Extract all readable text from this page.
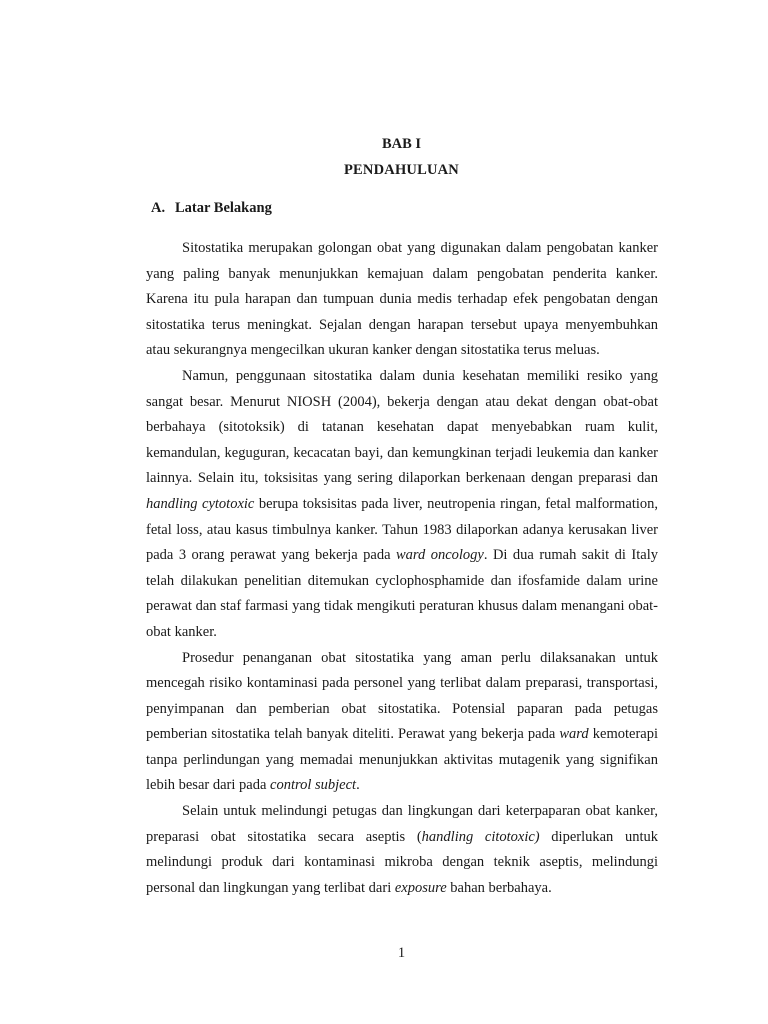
BAB I
PENDAHULUAN
A. Latar Belakang

Sitostatika merupakan golongan obat yang digunakan dalam pengobatan kanker yang paling banyak menunjukkan kemajuan dalam pengobatan penderita kanker. Karena itu pula harapan dan tumpuan dunia medis terhadap efek pengobatan dengan sitostatika terus meningkat. Sejalan dengan harapan tersebut upaya menyembuhkan atau sekurangnya mengecilkan ukuran kanker dengan sitostatika terus meluas.

Namun, penggunaan sitostatika dalam dunia kesehatan memiliki resiko yang sangat besar. Menurut NIOSH (2004), bekerja dengan atau dekat dengan obat-obat berbahaya (sitotoksik) di tatanan kesehatan dapat menyebabkan ruam kulit, kemandulan, keguguran, kecacatan bayi, dan kemungkinan terjadi leukemia dan kanker lainnya. Selain itu, toksisitas yang sering dilaporkan berkenaan dengan preparasi dan handling cytotoxic berupa toksisitas pada liver, neutropenia ringan, fetal malformation, fetal loss, atau kasus timbulnya kanker. Tahun 1983 dilaporkan adanya kerusakan liver pada 3 orang perawat yang bekerja pada ward oncology. Di dua rumah sakit di Italy telah dilakukan penelitian ditemukan cyclophosphamide dan ifosfamide dalam urine perawat dan staf farmasi yang tidak mengikuti peraturan khusus dalam menangani obat-obat kanker.

Prosedur penanganan obat sitostatika yang aman perlu dilaksanakan untuk mencegah risiko kontaminasi pada personel yang terlibat dalam preparasi, transportasi, penyimpanan dan pemberian obat sitostatika. Potensial paparan pada petugas pemberian sitostatika telah banyak diteliti. Perawat yang bekerja pada ward kemoterapi tanpa perlindungan yang memadai menunjukkan aktivitas mutagenik yang signifikan lebih besar dari pada control subject.

Selain untuk melindungi petugas dan lingkungan dari keterpaparan obat kanker, preparasi obat sitostatika secara aseptis (handling citotoxic) diperlukan untuk melindungi produk dari kontaminasi mikroba dengan teknik aseptis, melindungi personal dan lingkungan yang terlibat dari exposure bahan berbahaya.

1
